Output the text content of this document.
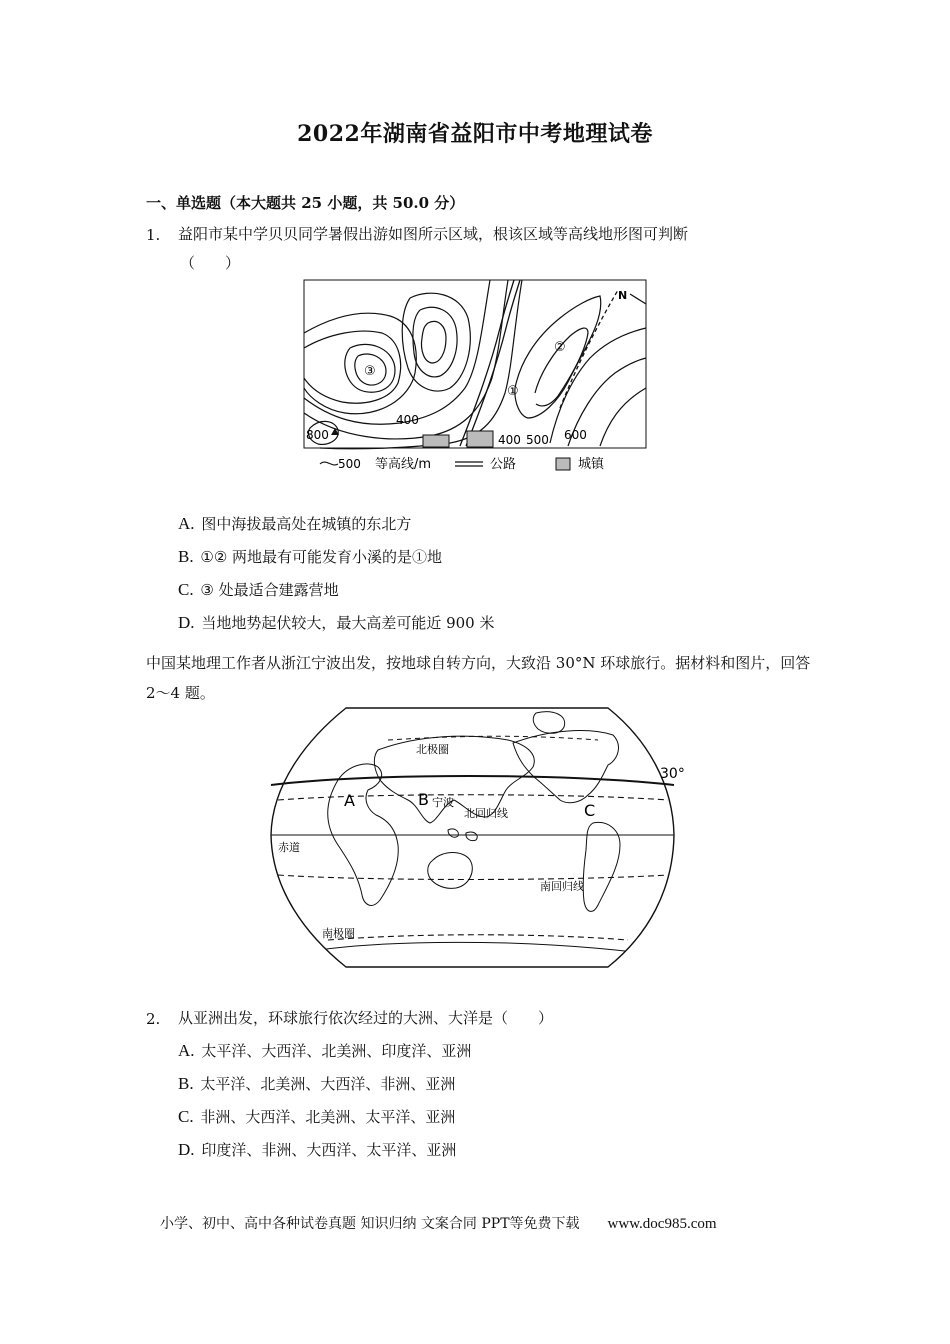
2022年湖南省益阳市中考地理试卷
一、单选题（本大题共 25 小题，共 50.0 分）
1. 益阳市某中学贝贝同学暑假出游如图所示区域，根该区域等高线地形图可判断
（　　）
800
400
400 500 600
③
①
②
N
500 等高线/m	公路	城镇
A. 图中海拔最高处在城镇的东北方
B. ①② 两地最有可能发育小溪的是①地
C. ③ 处最适合建露营地
D. 当地地势起伏较大，最大高差可能近 900 米
中国某地理工作者从浙江宁波出发，按地球自转方向，大致沿 30°N 环球旅行。据材料和图片，回答 2～4 题。
北极圈
30°
A	B
C
宁波
北回归线
赤道
南回归线
南极圈
2. 从亚洲出发，环球旅行依次经过的大洲、大洋是（　　）
A. 太平洋、大西洋、北美洲、印度洋、亚洲
B. 太平洋、北美洲、大西洋、非洲、亚洲
C. 非洲、大西洋、北美洲、太平洋、亚洲
D. 印度洋、非洲、大西洋、太平洋、亚洲
小学、初中、高中各种试卷真题 知识归纳 文案合同 PPT等免费下载 www.doc985.com
